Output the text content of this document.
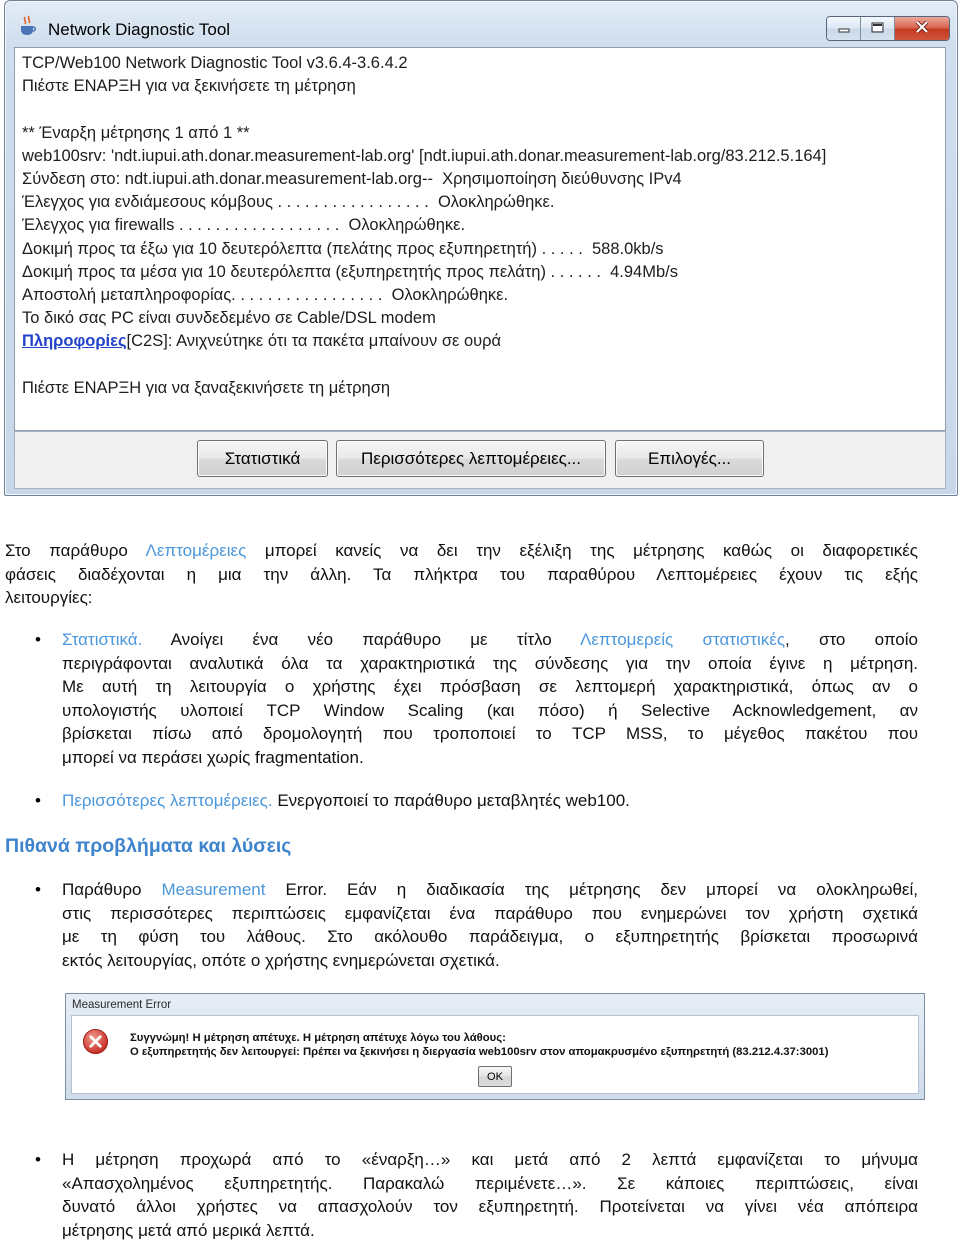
Network Diagnostic Tool
TCP/Web100 Network Diagnostic Tool v3.6.4-3.6.4.2
Πιέστε ΕΝΑΡΞΗ για να ξεκινήσετε τη μέτρηση
** Έναρξη μέτρησης 1 από 1 **
web100srv: 'ndt.iupui.ath.donar.measurement-lab.org' [ndt.iupui.ath.donar.measurement-lab.org/83.212.5.164]
Σύνδεση στο: ndt.iupui.ath.donar.measurement-lab.org--  Χρησιμοποίηση διεύθυνσης IPv4
Έλεγχος για ενδιάμεσους κόμβους . . . . . . . . . . . . . . . . .  Ολοκληρώθηκε.
Έλεγχος για firewalls . . . . . . . . . . . . . . . . . .  Ολοκληρώθηκε.
Δοκιμή προς τα έξω για 10 δευτερόλεπτα (πελάτης προς εξυπηρετητή) . . . . .  588.0kb/s
Δοκιμή προς τα μέσα για 10 δευτερόλεπτα (εξυπηρετητής προς πελάτη) . . . . . .  4.94Mb/s
Αποστολή μεταπληροφορίας. . . . . . . . . . . . . . . . .  Ολοκληρώθηκε.
Το δικό σας PC είναι συνδεδεμένο σε Cable/DSL modem
Πληροφορίες[C2S]: Ανιχνεύτηκε ότι τα πακέτα μπαίνουν σε ουρά
Πιέστε ΕΝΑΡΞΗ για να ξαναξεκινήσετε τη μέτρηση
Στατιστικά	Περισσότερες λεπτομέρειες...	Επιλογές...
Στο παράθυρο Λεπτομέρειες μπορεί κανείς να δει την εξέλιξη της μέτρησης καθώς οι διαφορετικές
φάσεις διαδέχονται η μια την άλλη. Τα πλήκτρα του παραθύρου Λεπτομέρειες έχουν τις εξής
λειτουργίες:
• Στατιστικά. Ανοίγει ένα νέο παράθυρο με τίτλο Λεπτομερείς στατιστικές, στο οποίο
περιγράφονται αναλυτικά όλα τα χαρακτηριστικά της σύνδεσης για την οποία έγινε η μέτρηση.
Με αυτή τη λειτουργία ο χρήστης έχει πρόσβαση σε λεπτομερή χαρακτηριστικά, όπως αν ο
υπολογιστής υλοποιεί TCP Window Scaling (και πόσο) ή Selective Acknowledgement, αν
βρίσκεται πίσω από δρομολογητή που τροποποιεί το TCP MSS, το μέγεθος πακέτου που
μπορεί να περάσει χωρίς fragmentation.
• Περισσότερες λεπτομέρειες. Ενεργοποιεί το παράθυρο μεταβλητές web100.
Πιθανά προβλήματα και λύσεις
• Παράθυρο Measurement Error. Εάν η διαδικασία της μέτρησης δεν μπορεί να ολοκληρωθεί,
στις περισσότερες περιπτώσεις εμφανίζεται ένα παράθυρο που ενημερώνει τον χρήστη σχετικά
με τη φύση του λάθους. Στο ακόλουθο παράδειγμα, ο εξυπηρετητής βρίσκεται προσωρινά
εκτός λειτουργίας, οπότε ο χρήστης ενημερώνεται σχετικά.
Measurement Error
Συγγνώμη! Η μέτρηση απέτυχε. Η μέτρηση απέτυχε λόγω του λάθους:
Ο εξυπηρετητής δεν λειτουργεί: Πρέπει να ξεκινήσει η διεργασία web100srv στον απομακρυσμένο εξυπηρετητή (83.212.4.37:3001)
OK
• Η μέτρηση προχωρά από το «έναρξη…» και μετά από 2 λεπτά εμφανίζεται το μήνυμα
«Απασχολημένος εξυπηρετητής. Παρακαλώ περιμένετε…». Σε κάποιες περιπτώσεις, είναι
δυνατό άλλοι χρήστες να απασχολούν τον εξυπηρετητή. Προτείνεται να γίνει νέα απόπειρα
μέτρησης μετά από μερικά λεπτά.
